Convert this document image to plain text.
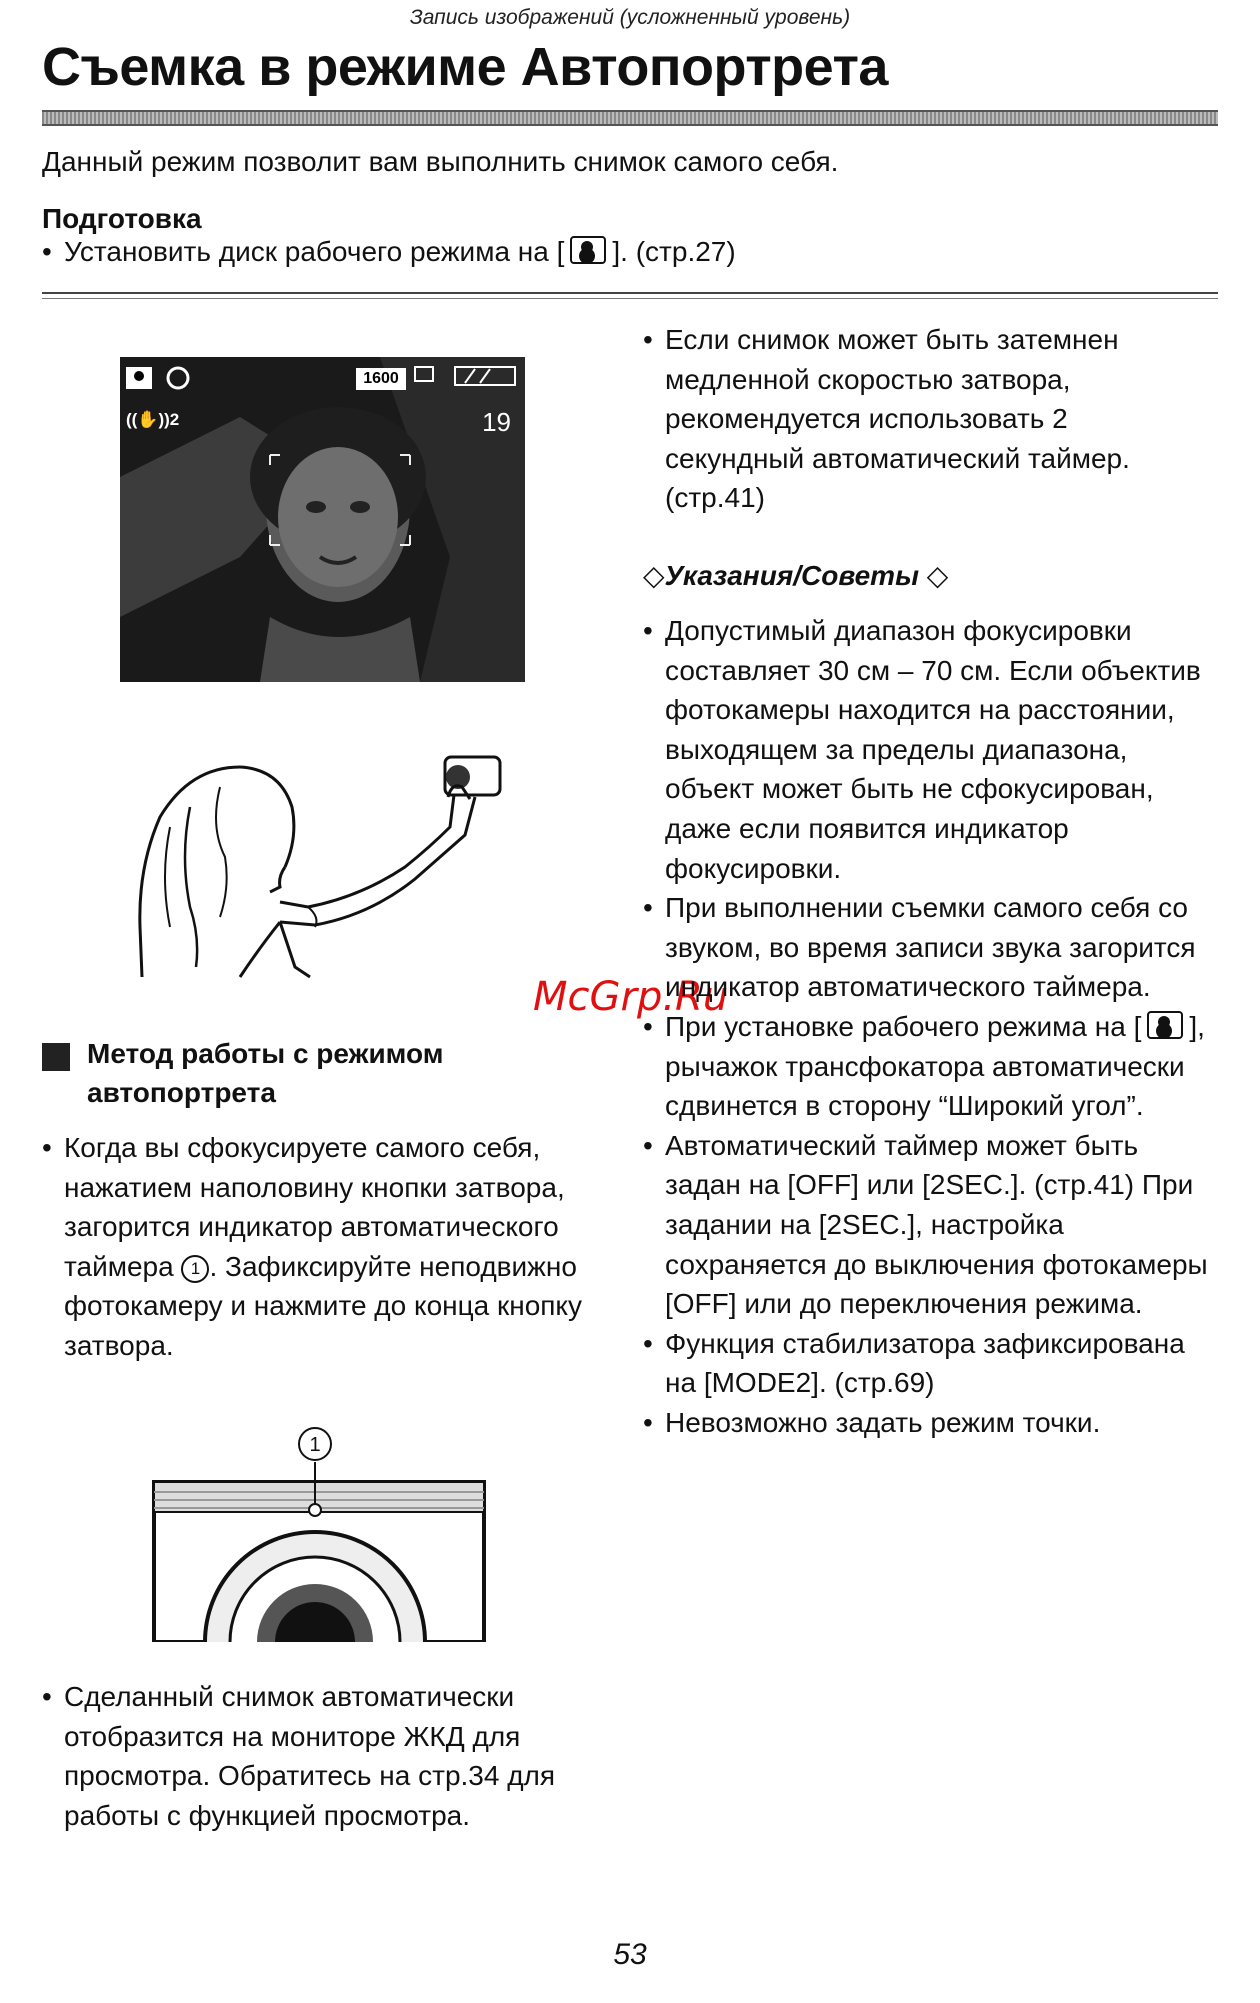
Запись изображений (усложненный уровень)
Съемка в режиме Автопортрета
Данный режим позволит вам выполнить снимок самого себя.
Подготовка
• Установить диск рабочего режима на [ ]. (стр.27)
1600
19
((✋))2
McGrp.Ru
Метод работы с режимом
автопортрета
• Когда вы сфокусируете самого себя, нажатием наполовину кнопки затвора, загорится индикатор автоматического таймера 1 . Зафиксируйте неподвижно фотокамеру и нажмите до конца кнопку затвора.
1
• Сделанный снимок автоматически отобразится на мониторе ЖКД для просмотра. Обратитесь на стр.34 для работы с функцией просмотра.
• Если снимок может быть затемнен медленной скоростью затвора, рекомендуется использовать 2 секундный автоматический таймер. (стр.41)
◇Указания/Советы ◇
• Допустимый диапазон фокусировки составляет 30 см – 70 см. Если объектив фотокамеры находится на расстоянии, выходящем за пределы диапазона, объект может быть не сфокусирован, даже если появится индикатор фокусировки.
• При выполнении съемки самого себя со звуком, во время записи звука загорится индикатор автоматического таймера.
• При установке рабочего режима на [ ], рычажок трансфокатора автоматически сдвинется в сторону “Широкий угол”.
• Автоматический таймер может быть задан на [OFF] или [2SEC.]. (стр.41) При задании на [2SEC.], настройка сохраняется до выключения фотокамеры [OFF] или до переключения режима.
• Функция стабилизатора зафиксирована на [MODE2]. (стр.69)
• Невозможно задать режим точки.
53
